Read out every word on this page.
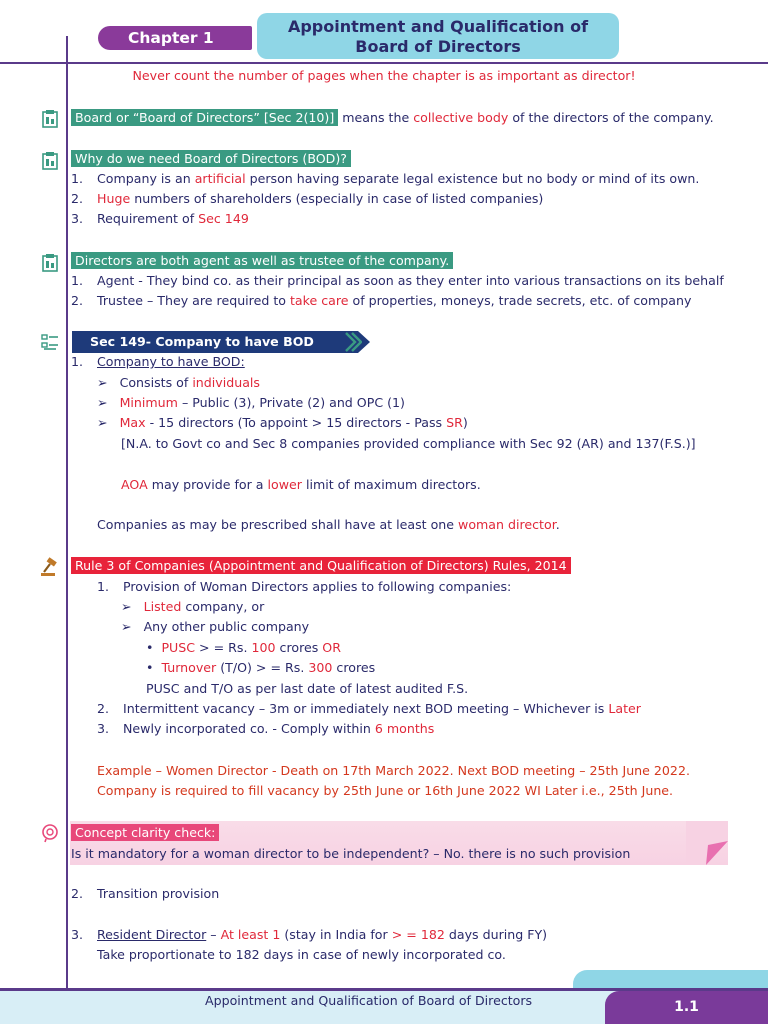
Chapter 1
Appointment and Qualification of
Board of Directors
Never count the number of pages when the chapter is as important as director!
Board or “Board of Directors” [Sec 2(10)] means the collective body of the directors of the company.
Why do we need Board of Directors (BOD)?
1. Company is an artificial person having separate legal existence but no body or mind of its own.
2. Huge numbers of shareholders (especially in case of listed companies)
3. Requirement of Sec 149
Directors are both agent as well as trustee of the company.
1. Agent - They bind co. as their principal as soon as they enter into various transactions on its behalf
2. Trustee – They are required to take care of properties, moneys, trade secrets, etc. of company
Sec 149- Company to have BOD
1. Company to have BOD:
➢   Consists of individuals
➢   Minimum – Public (3), Private (2) and OPC (1)
➢   Max - 15 directors (To appoint > 15 directors - Pass SR)
[N.A. to Govt co and Sec 8 companies provided compliance with Sec 92 (AR) and 137(F.S.)]
AOA may provide for a lower limit of maximum directors.
Companies as may be prescribed shall have at least one woman director.
Rule 3 of Companies (Appointment and Qualification of Directors) Rules, 2014
1. Provision of Woman Directors applies to following companies:
➢   Listed company, or
➢   Any other public company
•  PUSC > = Rs. 100 crores OR
•  Turnover (T/O) > = Rs. 300 crores
PUSC and T/O as per last date of latest audited F.S.
2. Intermittent vacancy – 3m or immediately next BOD meeting – Whichever is Later
3. Newly incorporated co. - Comply within 6 months
Example – Women Director - Death on 17th March 2022. Next BOD meeting – 25th June 2022.
Company is required to fill vacancy by 25th June or 16th June 2022 WI Later i.e., 25th June.
Concept clarity check:
Is it mandatory for a woman director to be independent? – No. there is no such provision
2. Transition provision
3. Resident Director – At least 1 (stay in India for > = 182 days during FY)
Take proportionate to 182 days in case of newly incorporated co.
Appointment and Qualification of Board of Directors	1.1
